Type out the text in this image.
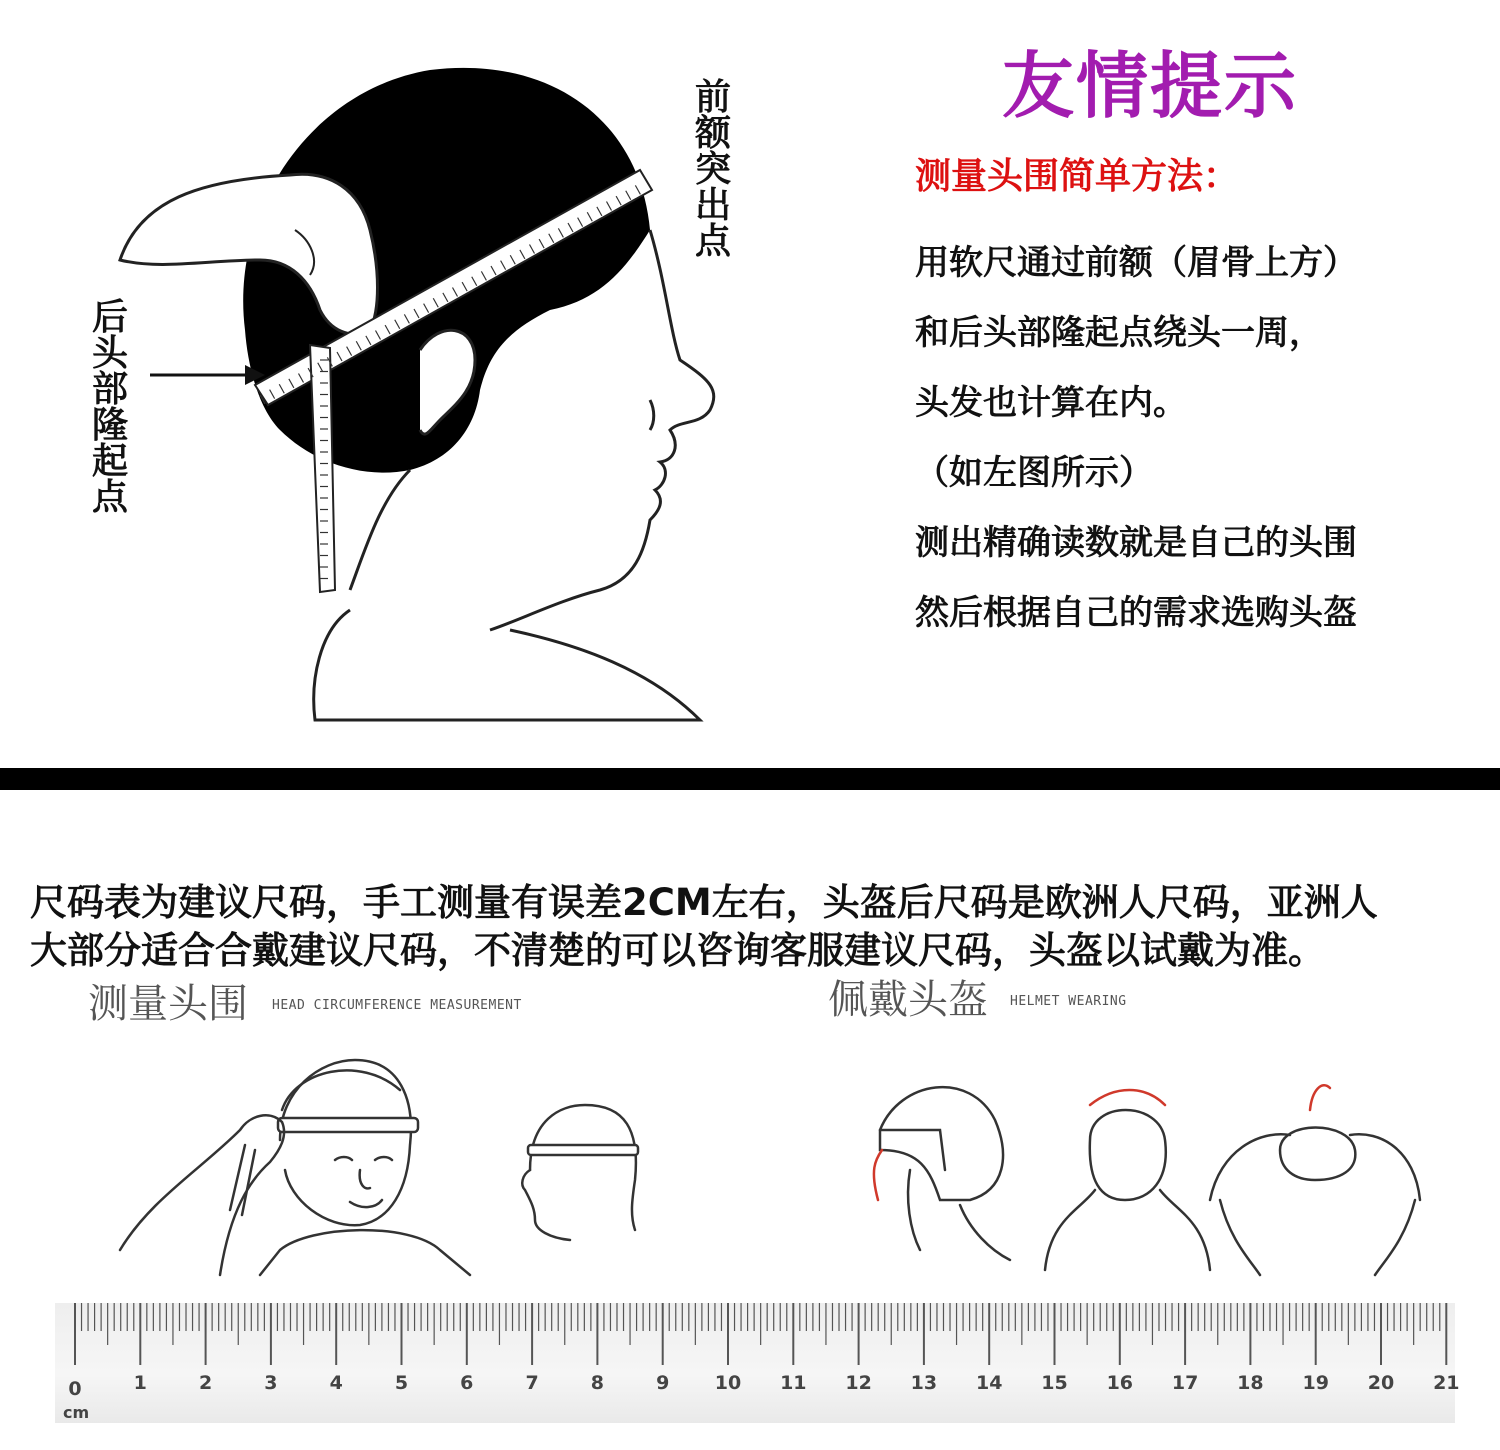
后头部隆起点
前额突出点
友情提示
测量头围简单方法：
用软尺通过前额（眉骨上方）
和后头部隆起点绕头一周，
头发也计算在内。
（如左图所示）
测出精确读数就是自己的头围
然后根据自己的需求选购头盔
尺码表为建议尺码，手工测量有误差2CM左右，头盔后尺码是欧洲人尺码，亚洲人
大部分适合合戴建议尺码，不清楚的可以咨询客服建议尺码，头盔以试戴为准。
测量头围 HEAD CIRCUMFERENCE MEASUREMENT	佩戴头盔 HELMET WEARING
0	1	2	3	4	5	6	7	8	9 10 11 12 13 14 15 16 17 18 19 20 21
cm
